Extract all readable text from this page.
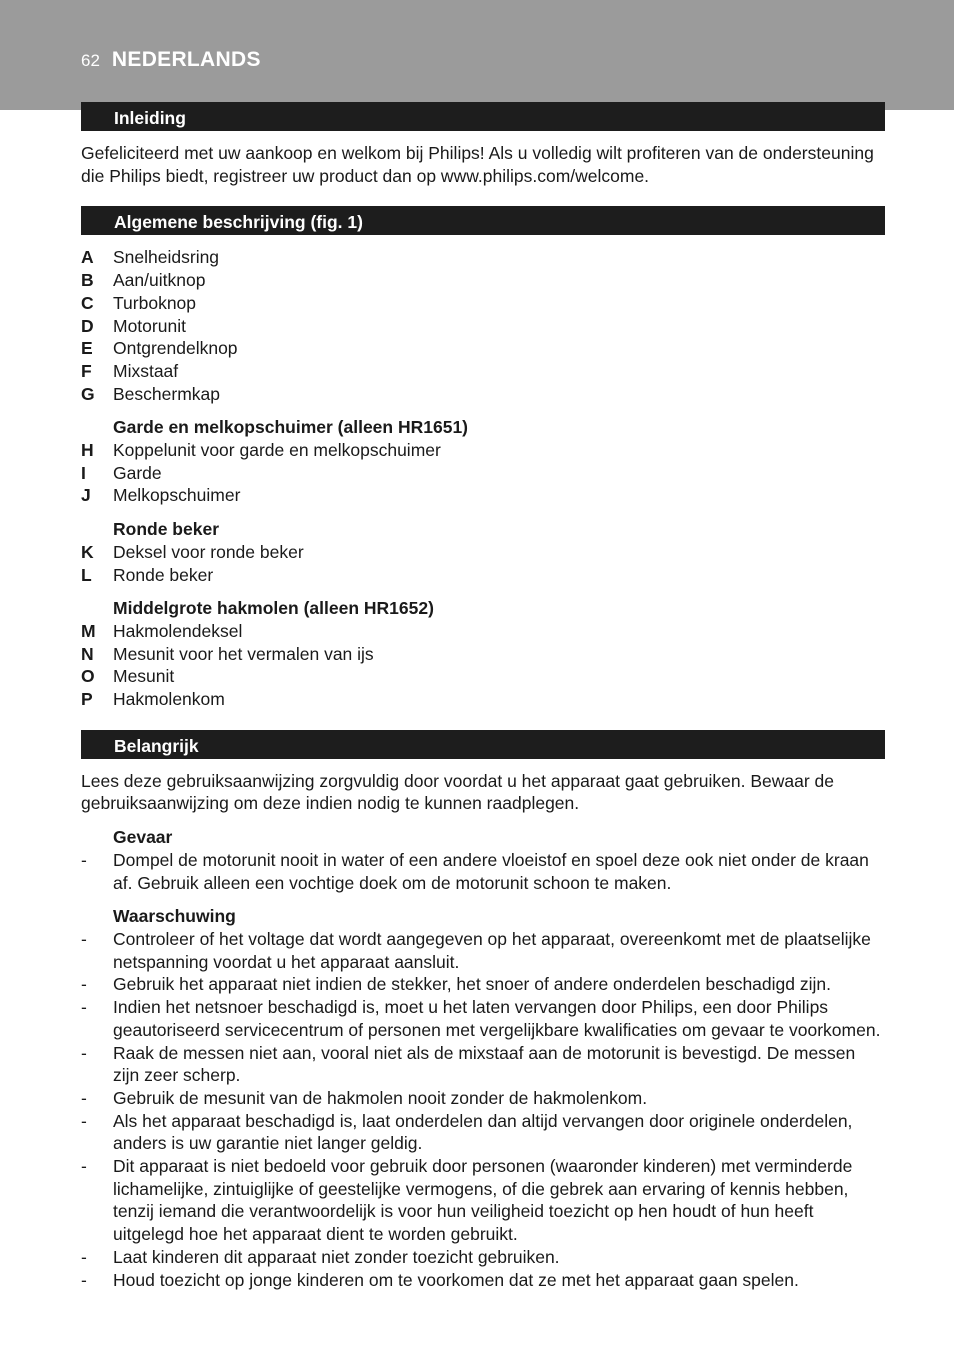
62 NEDERLANDS
Inleiding

Gefeliciteerd met uw aankoop en welkom bij Philips! Als u volledig wilt profiteren van de ondersteuning die Philips biedt, registreer uw product dan op www.philips.com/welcome.

Algemene beschrijving (fig. 1)
A	Snelheidsring
B	Aan/uitknop
C	Turboknop
D	Motorunit
E	Ontgrendelknop
F	Mixstaaf
G	Beschermkap
Garde en melkopschuimer (alleen HR1651)
H	Koppelunit voor garde en melkopschuimer
I	Garde
J	Melkopschuimer
Ronde beker
K	Deksel voor ronde beker
L	Ronde beker
Middelgrote hakmolen (alleen HR1652)
M Hakmolendeksel
N	Mesunit voor het vermalen van ijs
O	Mesunit
P	Hakmolenkom
Belangrijk

Lees deze gebruiksaanwijzing zorgvuldig door voordat u het apparaat gaat gebruiken. Bewaar de gebruiksaanwijzing om deze indien nodig te kunnen raadplegen.

Gevaar
-	Dompel de motorunit nooit in water of een andere vloeistof en spoel deze ook niet onder de kraan af. Gebruik alleen een vochtige doek om de motorunit schoon te maken.
Waarschuwing
-	Controleer of het voltage dat wordt aangegeven op het apparaat, overeenkomt met de plaatselijke netspanning voordat u het apparaat aansluit.
-	Gebruik het apparaat niet indien de stekker, het snoer of andere onderdelen beschadigd zijn.
-	Indien het netsnoer beschadigd is, moet u het laten vervangen door Philips, een door Philips geautoriseerd servicecentrum of personen met vergelijkbare kwalificaties om gevaar te voorkomen.
-	Raak de messen niet aan, vooral niet als de mixstaaf aan de motorunit is bevestigd. De messen zijn zeer scherp.
-	Gebruik de mesunit van de hakmolen nooit zonder de hakmolenkom.
-	Als het apparaat beschadigd is, laat onderdelen dan altijd vervangen door originele onderdelen, anders is uw garantie niet langer geldig.
-	Dit apparaat is niet bedoeld voor gebruik door personen (waaronder kinderen) met verminderde lichamelijke, zintuiglijke of geestelijke vermogens, of die gebrek aan ervaring of kennis hebben, tenzij iemand die verantwoordelijk is voor hun veiligheid toezicht op hen houdt of hun heeft uitgelegd hoe het apparaat dient te worden gebruikt.
-	Laat kinderen dit apparaat niet zonder toezicht gebruiken.
-	Houd toezicht op jonge kinderen om te voorkomen dat ze met het apparaat gaan spelen.
